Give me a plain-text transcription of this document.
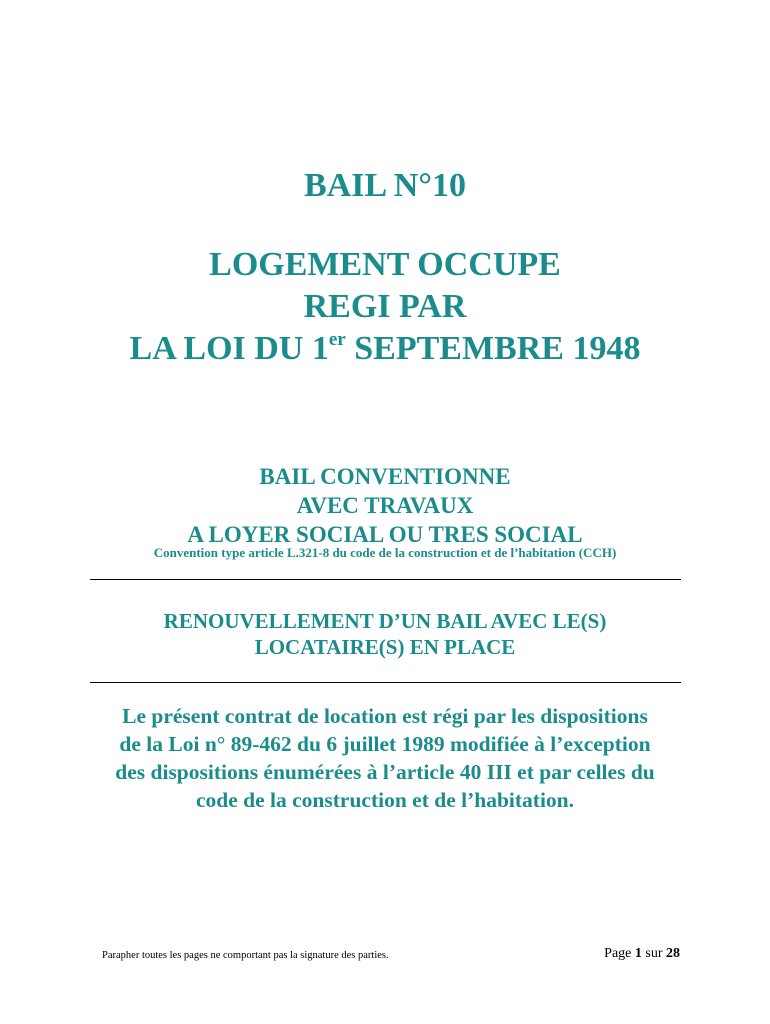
BAIL N°10
LOGEMENT OCCUPE
REGI PAR
LA LOI DU 1er SEPTEMBRE 1948
BAIL CONVENTIONNE
AVEC TRAVAUX
A LOYER SOCIAL OU TRES SOCIAL
Convention type article L.321-8 du code de la construction et de l’habitation (CCH)
RENOUVELLEMENT D’UN BAIL AVEC LE(S)
LOCATAIRE(S) EN PLACE
Le présent contrat de location est régi par les dispositions
de la Loi n° 89-462 du 6 juillet 1989 modifiée à l’exception
des dispositions énumérées à l’article 40 III et par celles du
code de la construction et de l’habitation.
Parapher toutes les pages ne comportant pas la signature des parties.	Page 1 sur 28
